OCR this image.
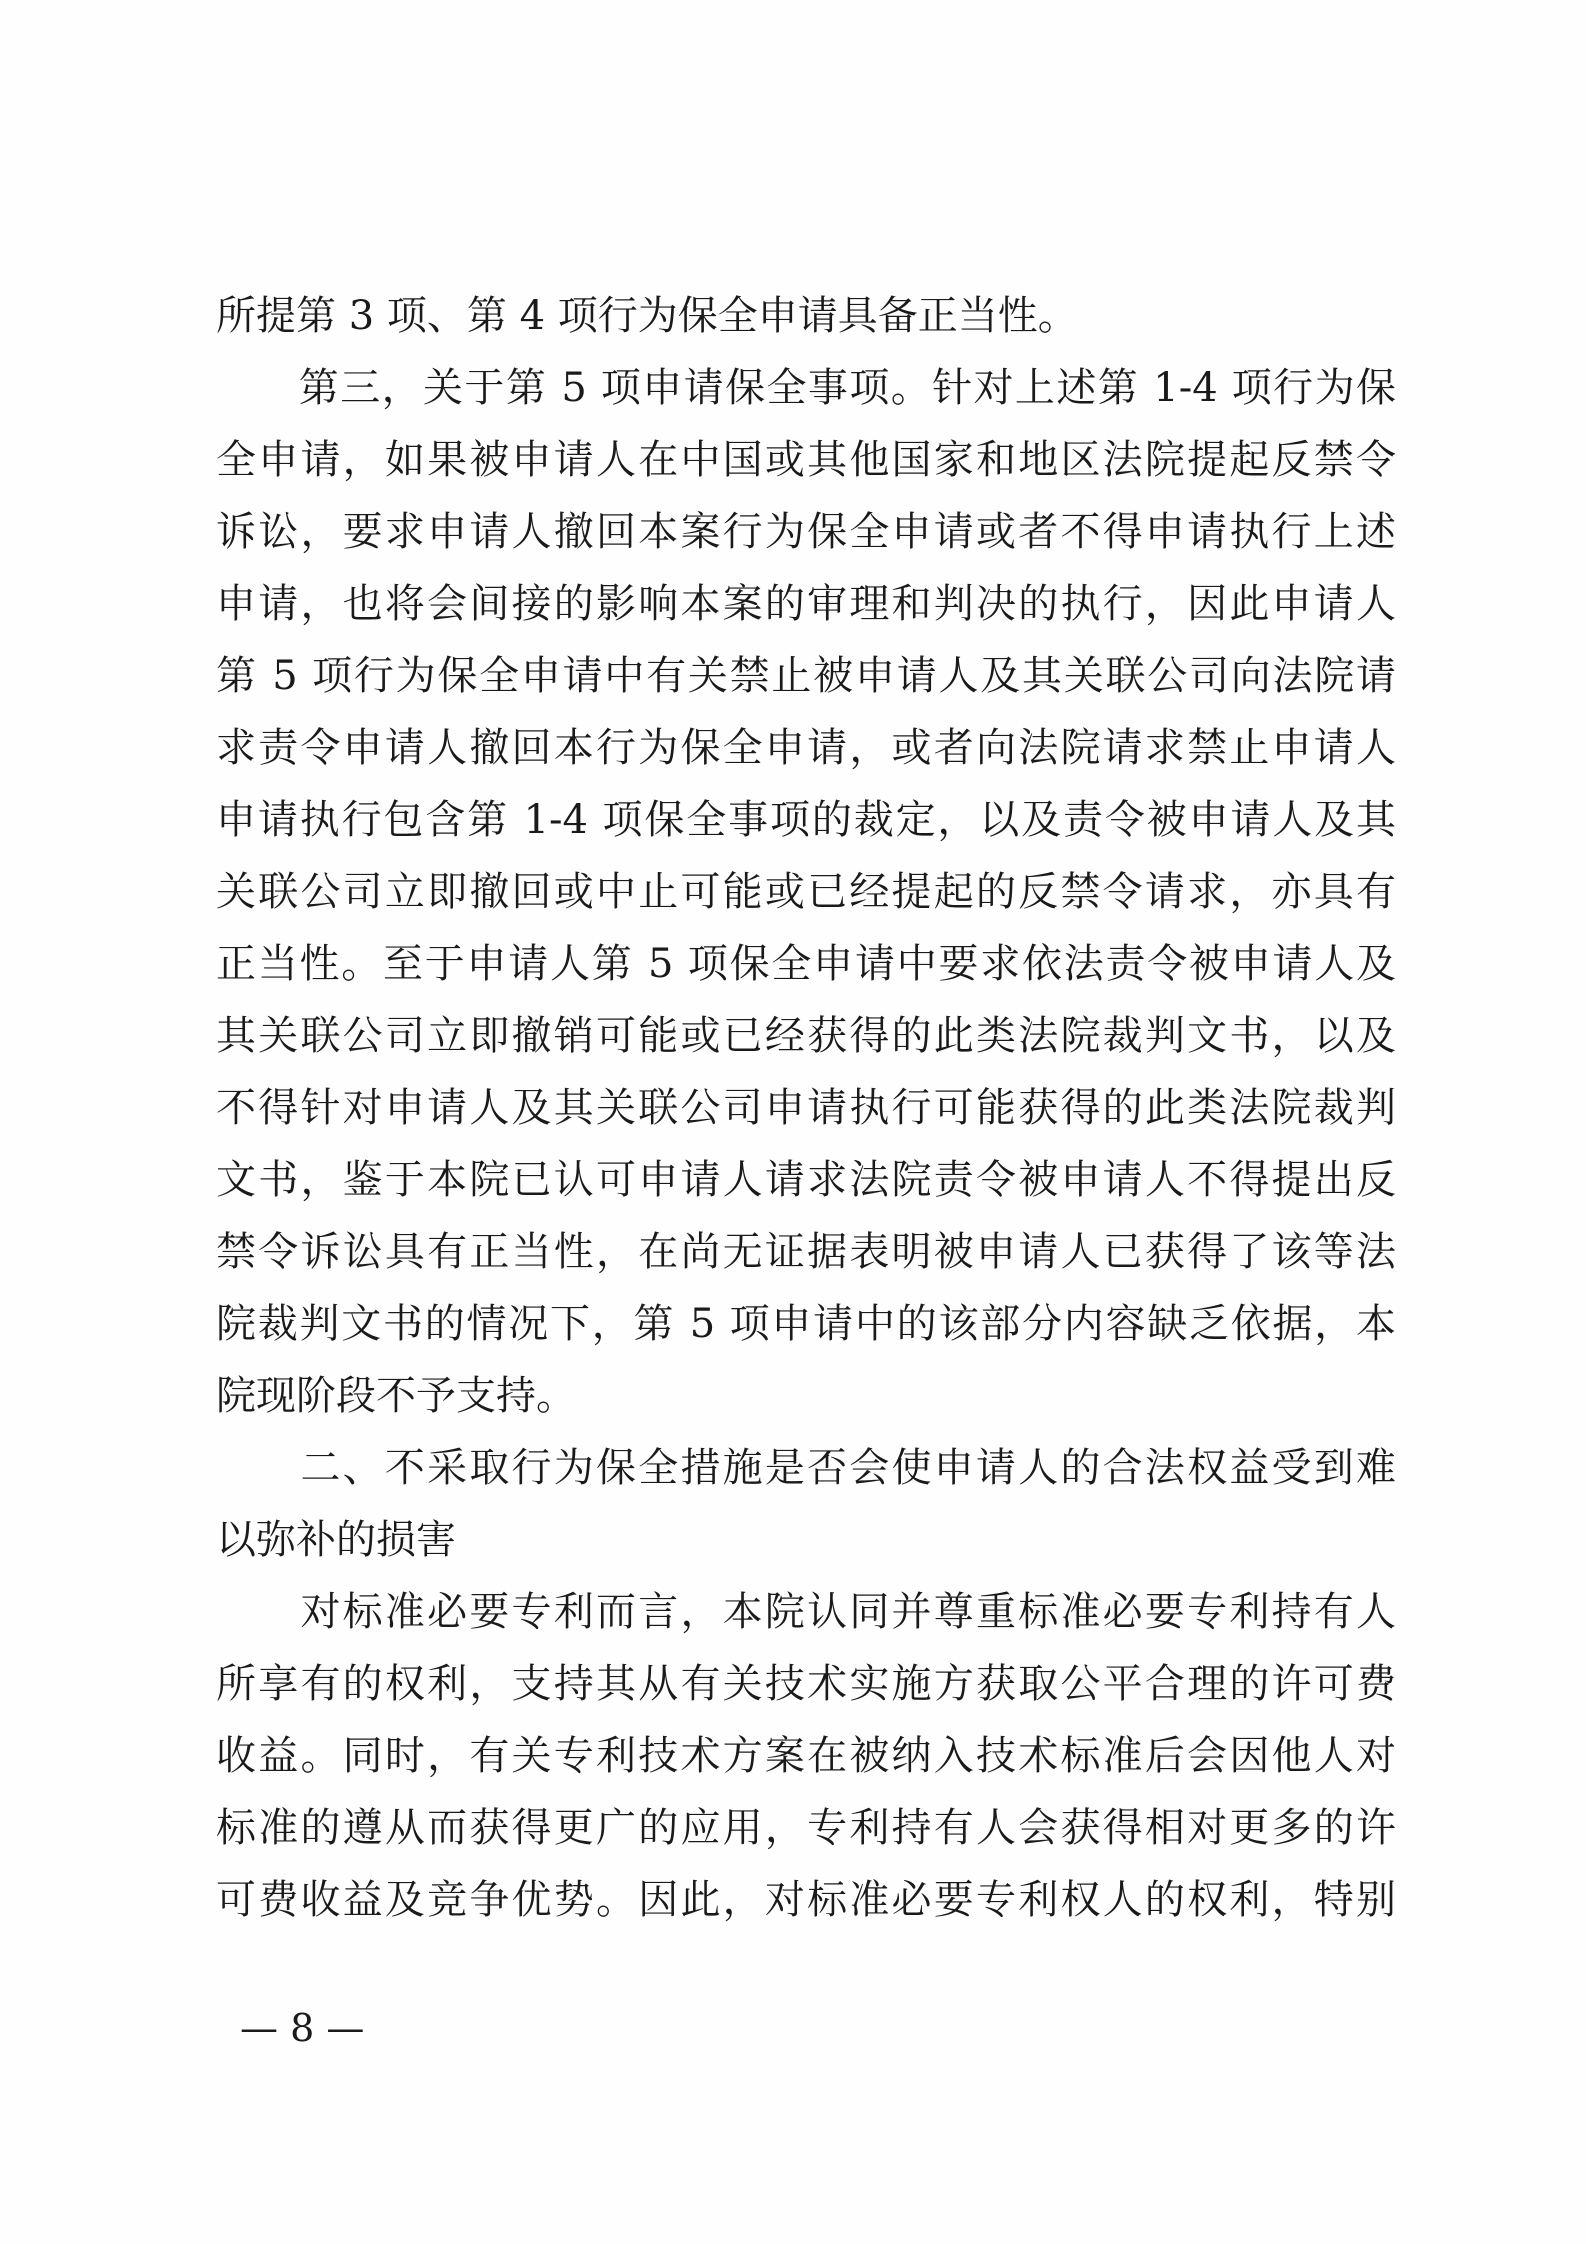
所提第 3 项、第 4 项行为保全申请具备正当性。
　　第三，关于第 5 项申请保全事项。针对上述第 1-4 项行为保
全申请，如果被申请人在中国或其他国家和地区法院提起反禁令
诉讼，要求申请人撤回本案行为保全申请或者不得申请执行上述
申请，也将会间接的影响本案的审理和判决的执行，因此申请人
第 5 项行为保全申请中有关禁止被申请人及其关联公司向法院请
求责令申请人撤回本行为保全申请，或者向法院请求禁止申请人
申请执行包含第 1-4 项保全事项的裁定，以及责令被申请人及其
关联公司立即撤回或中止可能或已经提起的反禁令请求，亦具有
正当性。至于申请人第 5 项保全申请中要求依法责令被申请人及
其关联公司立即撤销可能或已经获得的此类法院裁判文书，以及
不得针对申请人及其关联公司申请执行可能获得的此类法院裁判
文书，鉴于本院已认可申请人请求法院责令被申请人不得提出反
禁令诉讼具有正当性，在尚无证据表明被申请人已获得了该等法
院裁判文书的情况下，第 5 项申请中的该部分内容缺乏依据，本
院现阶段不予支持。
　　二、不采取行为保全措施是否会使申请人的合法权益受到难
以弥补的损害
　　对标准必要专利而言，本院认同并尊重标准必要专利持有人
所享有的权利，支持其从有关技术实施方获取公平合理的许可费
收益。同时，有关专利技术方案在被纳入技术标准后会因他人对
标准的遵从而获得更广的应用，专利持有人会获得相对更多的许
可费收益及竞争优势。因此，对标准必要专利权人的权利，特别
— 8 —
